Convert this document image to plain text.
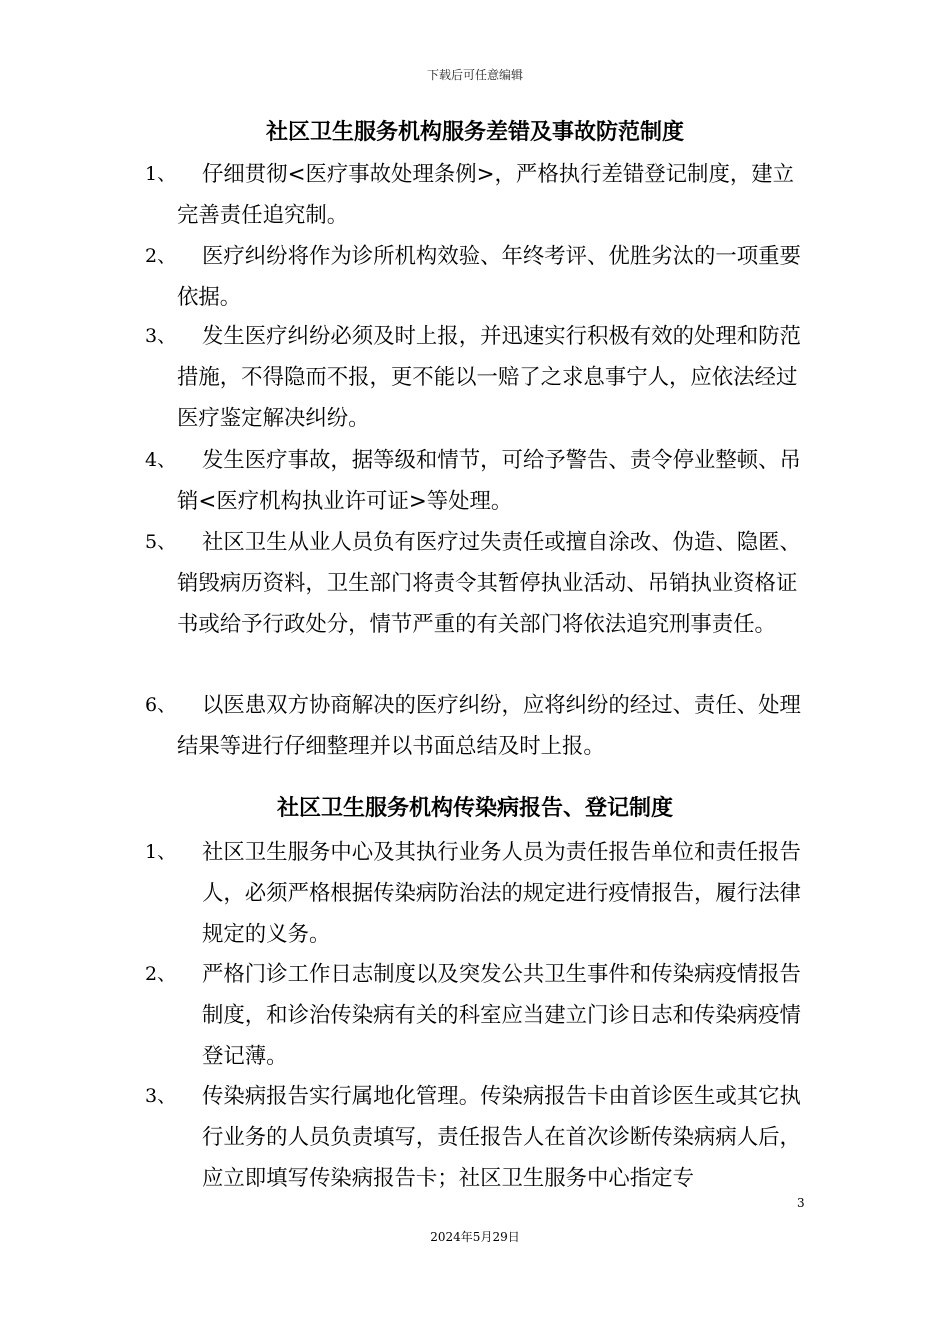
下载后可任意编辑
社区卫生服务机构服务差错及事故防范制度
1、	仔细贯彻<医疗事故处理条例>，严格执行差错登记制度，建立完善责任追究制。
2、	医疗纠纷将作为诊所机构效验、年终考评、优胜劣汰的一项重要依据。
3、	发生医疗纠纷必须及时上报，并迅速实行积极有效的处理和防范措施，不得隐而不报，更不能以一赔了之求息事宁人，应依法经过医疗鉴定解决纠纷。
4、	发生医疗事故，据等级和情节，可给予警告、责令停业整顿、吊销<医疗机构执业许可证>等处理。
5、	社区卫生从业人员负有医疗过失责任或擅自涂改、伪造、隐匿、销毁病历资料，卫生部门将责令其暂停执业活动、吊销执业资格证书或给予行政处分，情节严重的有关部门将依法追究刑事责任。
6、	以医患双方协商解决的医疗纠纷，应将纠纷的经过、责任、处理结果等进行仔细整理并以书面总结及时上报。
社区卫生服务机构传染病报告、登记制度
1、	社区卫生服务中心及其执行业务人员为责任报告单位和责任报告人，必须严格根据传染病防治法的规定进行疫情报告，履行法律规定的义务。
2、	严格门诊工作日志制度以及突发公共卫生事件和传染病疫情报告制度，和诊治传染病有关的科室应当建立门诊日志和传染病疫情登记薄。
3、	传染病报告实行属地化管理。传染病报告卡由首诊医生或其它执行业务的人员负责填写，责任报告人在首次诊断传染病病人后，应立即填写传染病报告卡；社区卫生服务中心指定专
3
2024年5月29日
